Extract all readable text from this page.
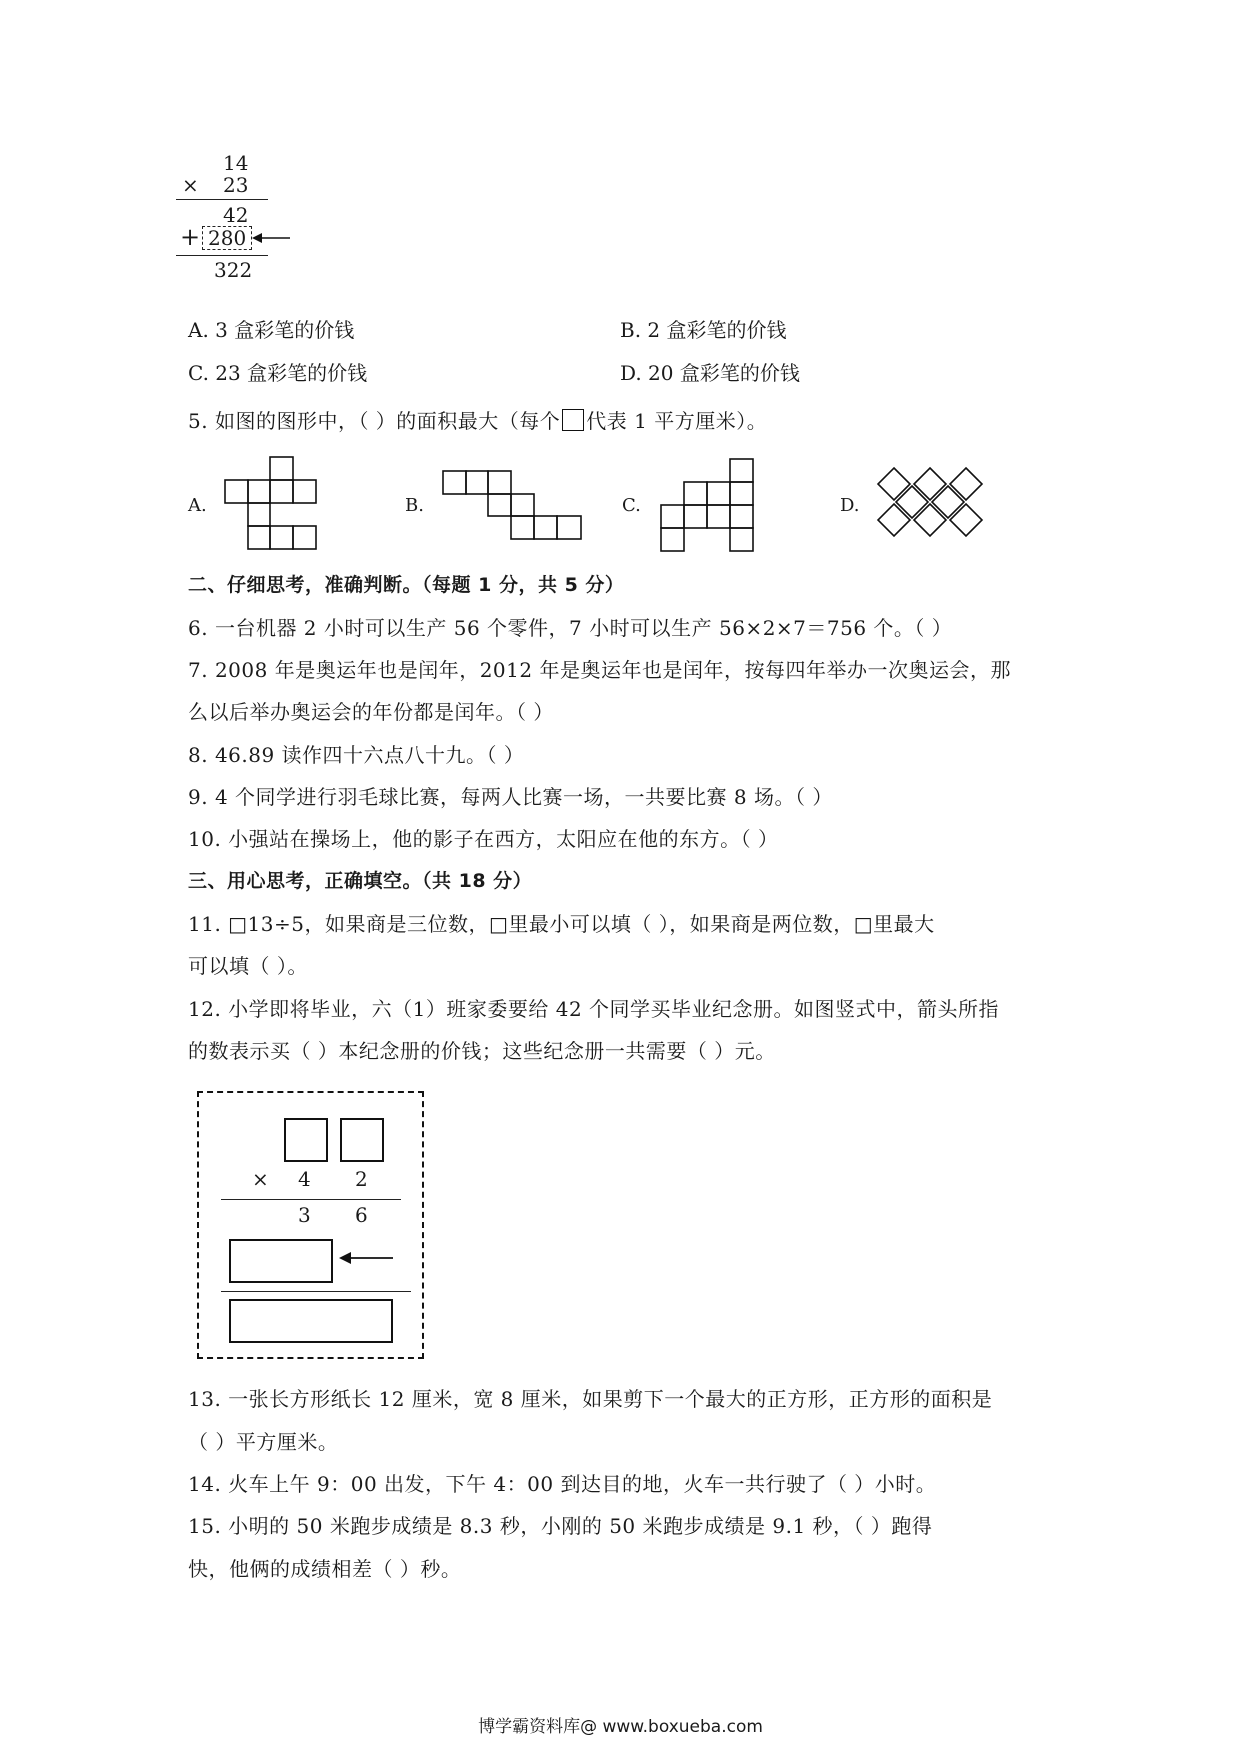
14
× 23
42
+ 280
322
A. 3 盒彩笔的价钱	B. 2 盒彩笔的价钱
C. 23 盒彩笔的价钱	D. 20 盒彩笔的价钱
5. 如图的图形中，（ ）的面积最大（每个 代表 1 平方厘米）。
A.	B.	C.	D.
二、仔细思考，准确判断。（每题 1 分，共 5 分）
6. 一台机器 2 小时可以生产 56 个零件，7 小时可以生产 56×2×7＝756 个。（ ）
7. 2008 年是奥运年也是闰年，2012 年是奥运年也是闰年，按每四年举办一次奥运会，那
么以后举办奥运会的年份都是闰年。（ ）
8. 46.89 读作四十六点八十九。（ ）
9. 4 个同学进行羽毛球比赛，每两人比赛一场，一共要比赛 8 场。（ ）
10. 小强站在操场上，他的影子在西方，太阳应在他的东方。（ ）
三、用心思考，正确填空。（共 18 分）
11. □13÷5，如果商是三位数，□里最小可以填（ ），如果商是两位数，□里最大
可以填（ ）。
12. 小学即将毕业，六（1）班家委要给 42 个同学买毕业纪念册。如图竖式中，箭头所指
的数表示买（ ）本纪念册的价钱；这些纪念册一共需要（ ）元。
× 4 2
3 6
13. 一张长方形纸长 12 厘米，宽 8 厘米，如果剪下一个最大的正方形，正方形的面积是
（ ）平方厘米。
14. 火车上午 9：00 出发，下午 4：00 到达目的地，火车一共行驶了（ ）小时。
15. 小明的 50 米跑步成绩是 8.3 秒，小刚的 50 米跑步成绩是 9.1 秒，（ ）跑得
快，他俩的成绩相差（ ）秒。
博学霸资料库@ www.boxueba.com
